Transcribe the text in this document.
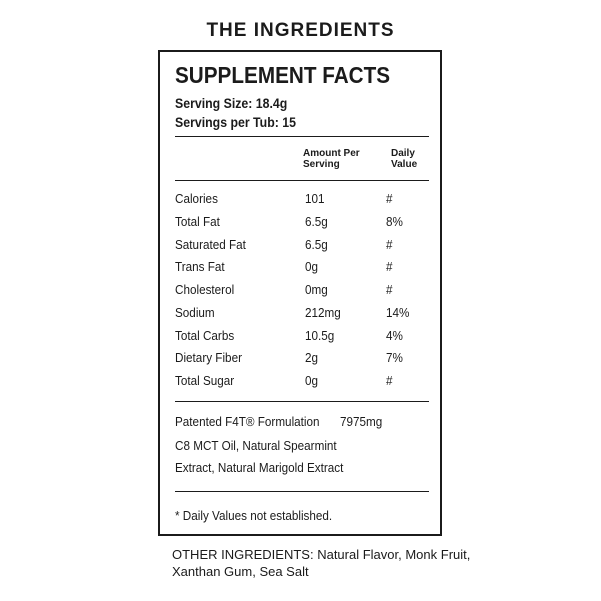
THE INGREDIENTS
SUPPLEMENT FACTS
Serving Size: 18.4g
Servings per Tub: 15
Amount Per
Serving
Daily
Value
Calories	101	#
Total Fat	6.5g	8%
Saturated Fat	6.5g	#
Trans Fat	0g	#
Cholesterol	0mg	#
Sodium	212mg	14%
Total Carbs	10.5g	4%
Dietary Fiber	2g	7%
Total Sugar	0g	#
Patented F4T® Formulation 7975mg
C8 MCT Oil, Natural Spearmint
Extract, Natural Marigold Extract
* Daily Values not established.
OTHER INGREDIENTS: Natural Flavor, Monk Fruit,
Xanthan Gum, Sea Salt
